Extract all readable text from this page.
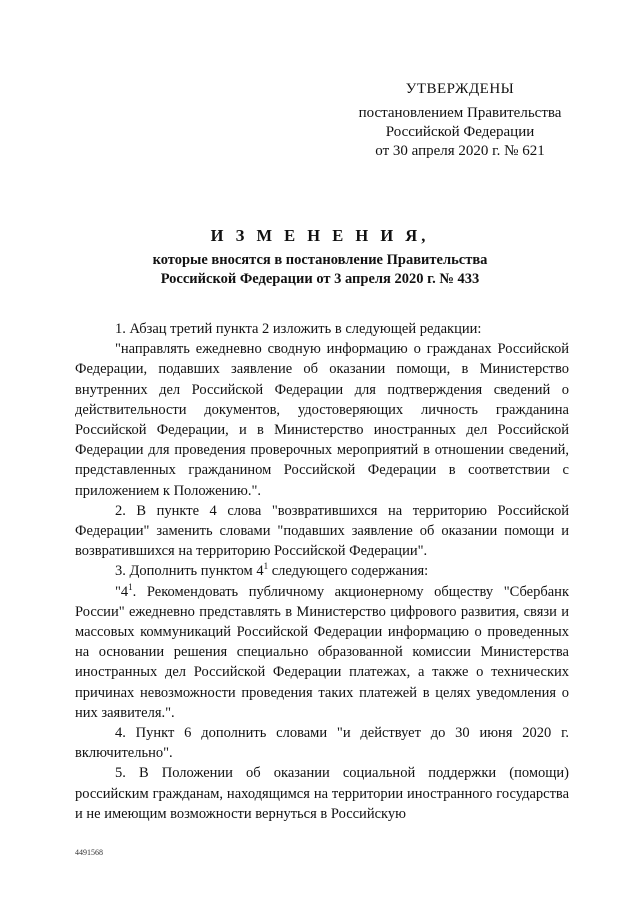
УТВЕРЖДЕНЫ
постановлением Правительства
Российской Федерации
от 30 апреля 2020 г. № 621
И З М Е Н Е Н И Я,
которые вносятся в постановление Правительства
Российской Федерации от 3 апреля 2020 г. № 433

1. Абзац третий пункта 2 изложить в следующей редакции:

"направлять ежедневно сводную информацию о гражданах Российской Федерации, подавших заявление об оказании помощи, в Министерство внутренних дел Российской Федерации для подтверждения сведений о действительности документов, удостоверяющих личность гражданина Российской Федерации, и в Министерство иностранных дел Российской Федерации для проведения проверочных мероприятий в отношении сведений, представленных гражданином Российской Федерации в соответствии с приложением к Положению.".

2. В пункте 4 слова "возвратившихся на территорию Российской Федерации" заменить словами "подавших заявление об оказании помощи и возвратившихся на территорию Российской Федерации".

3. Дополнить пунктом $4^1$ следующего содержания:

"$4^1$. Рекомендовать публичному акционерному обществу "Сбербанк России" ежедневно представлять в Министерство цифрового развития, связи и массовых коммуникаций Российской Федерации информацию о проведенных на основании решения специально образованной комиссии Министерства иностранных дел Российской Федерации платежах, а также о технических причинах невозможности проведения таких платежей в целях уведомления о них заявителя.".

4. Пункт 6 дополнить словами "и действует до 30 июня 2020 г. включительно".

5. В Положении об оказании социальной поддержки (помощи) российским гражданам, находящимся на территории иностранного государства и не имеющим возможности вернуться в Российскую

4491568
